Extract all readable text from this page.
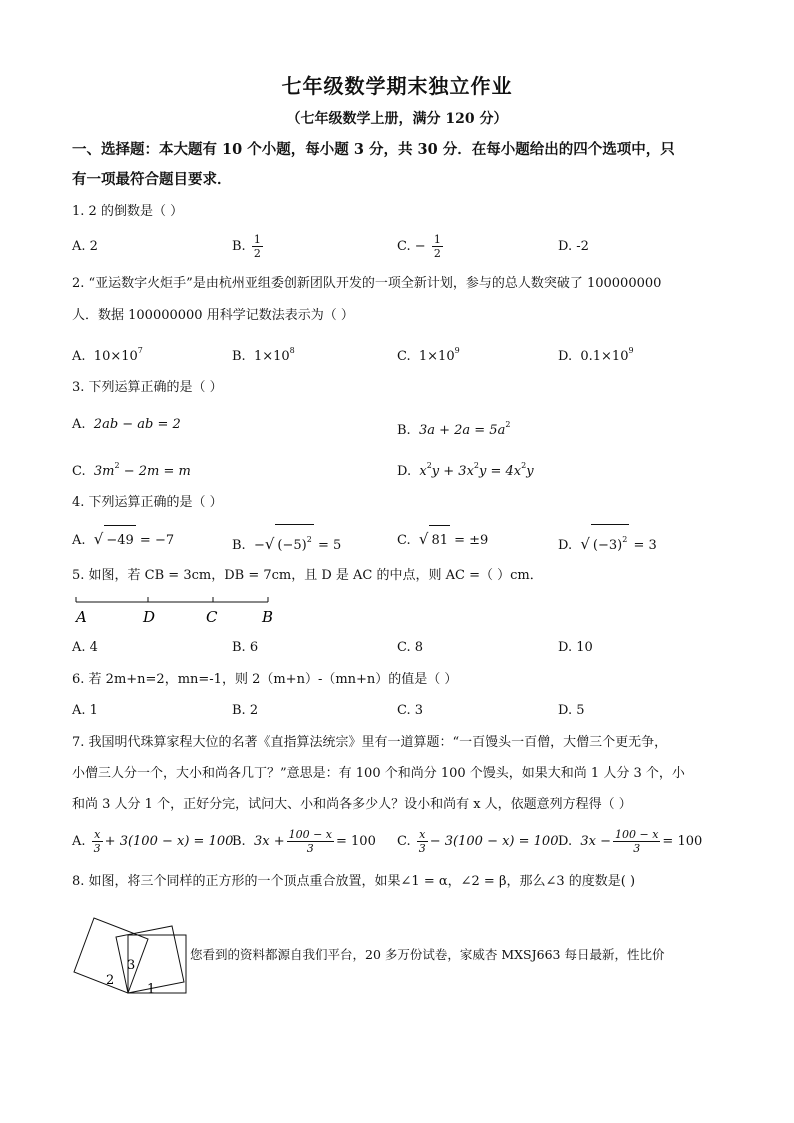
七年级数学期末独立作业
（七年级数学上册，满分 120 分）
一、选择题：本大题有 10 个小题，每小题 3 分，共 30 分．在每小题给出的四个选项中，只
有一项最符合题目要求．
1. 2 的倒数是（ ）
A. 2	B. $\frac{1}{2}$	C. − $\frac{1}{2}$	D. -2
2. “亚运数字火炬手”是由杭州亚组委创新团队开发的一项全新计划，参与的总人数突破了 100000000
人．数据 100000000 用科学记数法表示为（ ）
A. $10\times 10^7$	B. $1\times 10^8$	C. $1\times 10^9$	D. $0.1\times 10^9$
3. 下列运算正确的是（ ）
A. 2ab − ab = 2	B. $3a + 2a = 5a^2$
C. $3m^2 - 2m = m$	D. $x^2y + 3x^2y = 4x^2y$
4. 下列运算正确的是（ ）
A. √ −49 = −7	B. −√ $(-5)^2 = 5$	C. √ 81 = ±9	D. √ $(-3)^2 = 3$
5. 如图，若 CB = 3cm，DB = 7cm，且 D 是 AC 的中点，则 AC =（ ）cm．
A	D	C	B
A. 4	B. 6	C. 8	D. 10
6. 若 2m+n=2，mn=-1，则 2（m+n）-（mn+n）的值是（ ）
A. 1	B. 2	C. 3	D. 5
7. 我国明代珠算家程大位的名著《直指算法统宗》里有一道算题：“一百馒头一百僧，大僧三个更无争，
小僧三人分一个，大小和尚各几丁？”意思是：有 100 个和尚分 100 个馒头，如果大和尚 1 人分 3 个，小
和尚 3 人分 1 个，正好分完，试问大、小和尚各多少人？设小和尚有 x 人，依题意列方程得（ ）
A. $\frac{x}{3} + 3(100 - x) = 100$
B. $3x + \frac{100 - x}{3} = 100$ C. $\frac{x}{3} - 3(100 - x) = 100$ D. $3x - \frac{100 - x}{3} = 100$
8. 如图，将三个同样的正方形的一个顶点重合放置，如果∠1 = α，∠2 = β，那么∠3 的度数是( )
2
3
1
您看到的资料都源自我们平台，20 多万份试卷，家威杏 MXSJ663 每日最新，性比价
